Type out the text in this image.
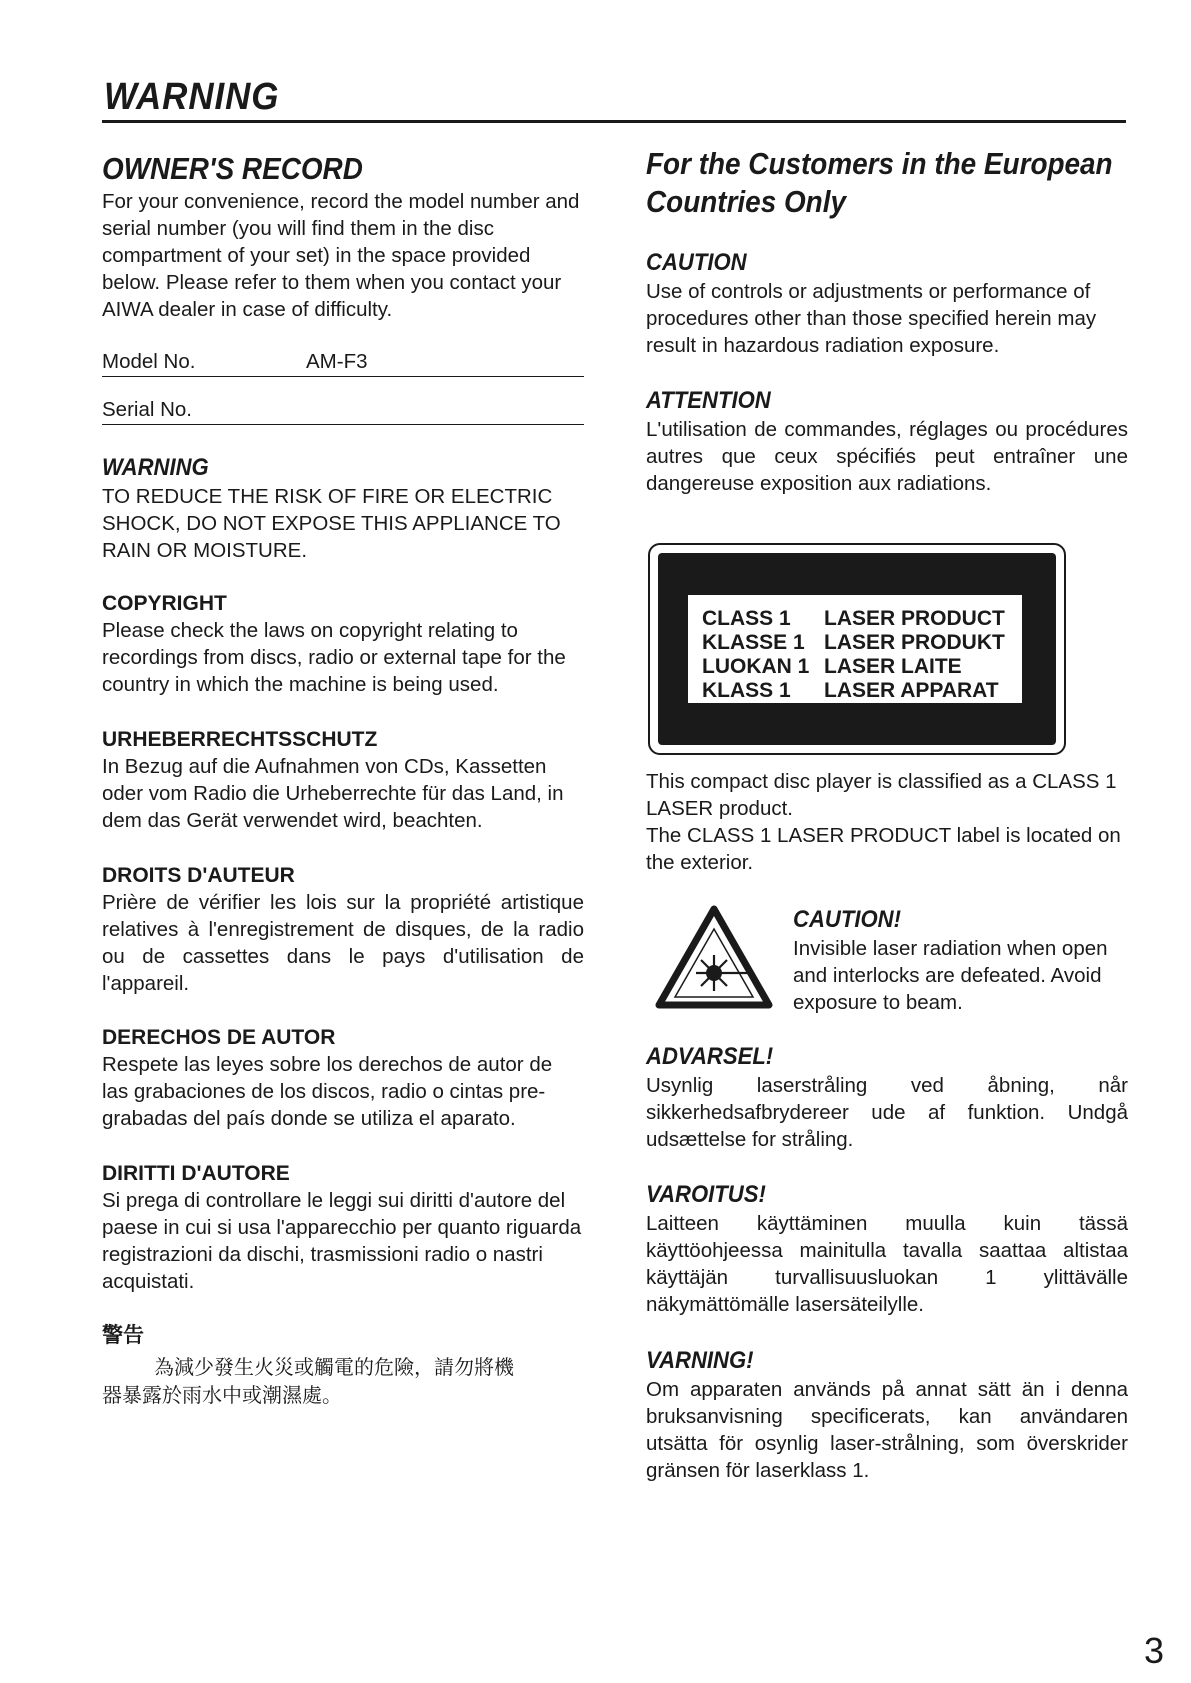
WARNING
OWNER'S RECORD

For your convenience, record the model number and serial number (you will find them in the disc compartment of your set) in the space provided below. Please refer to them when you contact your AIWA dealer in case of difficulty.

Model No.	AM-F3
Serial No.
WARNING

TO REDUCE THE RISK OF FIRE OR ELECTRIC SHOCK, DO NOT EXPOSE THIS APPLIANCE TO RAIN OR MOISTURE.

COPYRIGHT

Please check the laws on copyright relating to recordings from discs, radio or external tape for the country in which the machine is being used.

URHEBERRECHTSSCHUTZ

In Bezug auf die Aufnahmen von CDs, Kassetten oder vom Radio die Urheberrechte für das Land, in dem das Gerät verwendet wird, beachten.

DROITS D'AUTEUR

Prière de vérifier les lois sur la propriété artistique relatives à l'enregistrement de disques, de la radio ou de cassettes dans le pays d'utilisation de l'appareil.

DERECHOS DE AUTOR

Respete las leyes sobre los derechos de autor de las grabaciones de los discos, radio o cintas pre-grabadas del país donde se utiliza el aparato.

DIRITTI D'AUTORE

Si prega di controllare le leggi sui diritti d'autore del paese in cui si usa l'apparecchio per quanto riguarda registrazioni da dischi, trasmissioni radio o nastri acquistati.

警告

為減少發生火災或觸電的危險，請勿將機

器暴露於雨水中或潮濕處。

For the Customers in the European
Countries Only
CAUTION

Use of controls or adjustments or performance of procedures other than those specified herein may result in hazardous radiation exposure.

ATTENTION

L'utilisation de commandes, réglages ou procédures autres que ceux spécifiés peut entraîner une dangereuse exposition aux radiations.

CLASS 1	LASER PRODUCT
KLASSE 1 LASER PRODUKT
LUOKAN 1 LASER LAITE
KLASS 1	LASER APPARAT

This compact disc player is classified as a CLASS 1 LASER product.

The CLASS 1 LASER PRODUCT label is located on the exterior.

CAUTION!

Invisible laser radiation when open and interlocks are defeated. Avoid exposure to beam.

ADVARSEL!

Usynlig laserstråling ved åbning, når sikkerhedsafbrydereer ude af funktion. Undgå udsættelse for stråling.

VAROITUS!

Laitteen käyttäminen muulla kuin tässä käyttöohjeessa mainitulla tavalla saattaa altistaa käyttäjän turvallisuusluokan 1 ylittävälle näkymättömälle lasersäteilylle.

VARNING!

Om apparaten används på annat sätt än i denna bruksanvisning specificerats, kan användaren utsätta för osynlig laser-strålning, som överskrider gränsen för laserklass 1.

3
